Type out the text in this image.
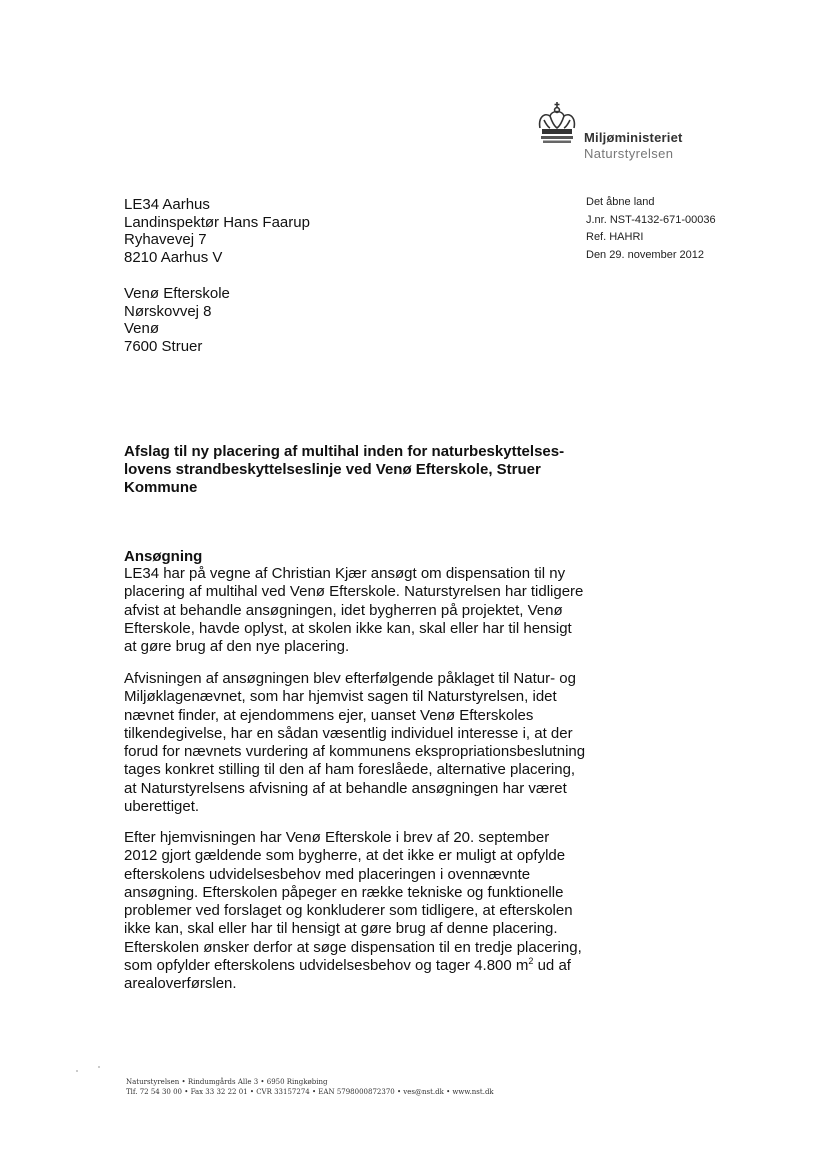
Miljøministeriet
Naturstyrelsen
LE34 Aarhus
Landinspektør Hans Faarup
Ryhavevej 7
8210 Aarhus V
Det åbne land
J.nr. NST-4132-671-00036
Ref. HAHRI
Den 29. november 2012
Venø Efterskole
Nørskovvej 8
Venø
7600 Struer
Afslag til ny placering af multihal inden for naturbeskyttelses-
lovens strandbeskyttelseslinje ved Venø Efterskole, Struer
Kommune
Ansøgning
LE34 har på vegne af Christian Kjær ansøgt om dispensation til ny
placering af multihal ved Venø Efterskole. Naturstyrelsen har tidligere
afvist at behandle ansøgningen, idet bygherren på projektet, Venø
Efterskole, havde oplyst, at skolen ikke kan, skal eller har til hensigt
at gøre brug af den nye placering.
Afvisningen af ansøgningen blev efterfølgende påklaget til Natur- og
Miljøklagenævnet, som har hjemvist sagen til Naturstyrelsen, idet
nævnet finder, at ejendommens ejer, uanset Venø Efterskoles
tilkendegivelse, har en sådan væsentlig individuel interesse i, at der
forud for nævnets vurdering af kommunens ekspropriationsbeslutning
tages konkret stilling til den af ham foreslåede, alternative placering,
at Naturstyrelsens afvisning af at behandle ansøgningen har været
uberettiget.
Efter hjemvisningen har Venø Efterskole i brev af 20. september
2012 gjort gældende som bygherre, at det ikke er muligt at opfylde
efterskolens udvidelsesbehov med placeringen i ovennævnte
ansøgning. Efterskolen påpeger en række tekniske og funktionelle
problemer ved forslaget og konkluderer som tidligere, at efterskolen
ikke kan, skal eller har til hensigt at gøre brug af denne placering.
Efterskolen ønsker derfor at søge dispensation til en tredje placering,
som opfylder efterskolens udvidelsesbehov og tager 4.800 $m^2$ ud af
arealoverførslen.
Naturstyrelsen • Rindumgårds Alle 3 • 6950 Ringkøbing
Tlf. 72 54 30 00 • Fax 33 32 22 01 • CVR 33157274 • EAN 5798000872370 • ves@nst.dk • www.nst.dk
